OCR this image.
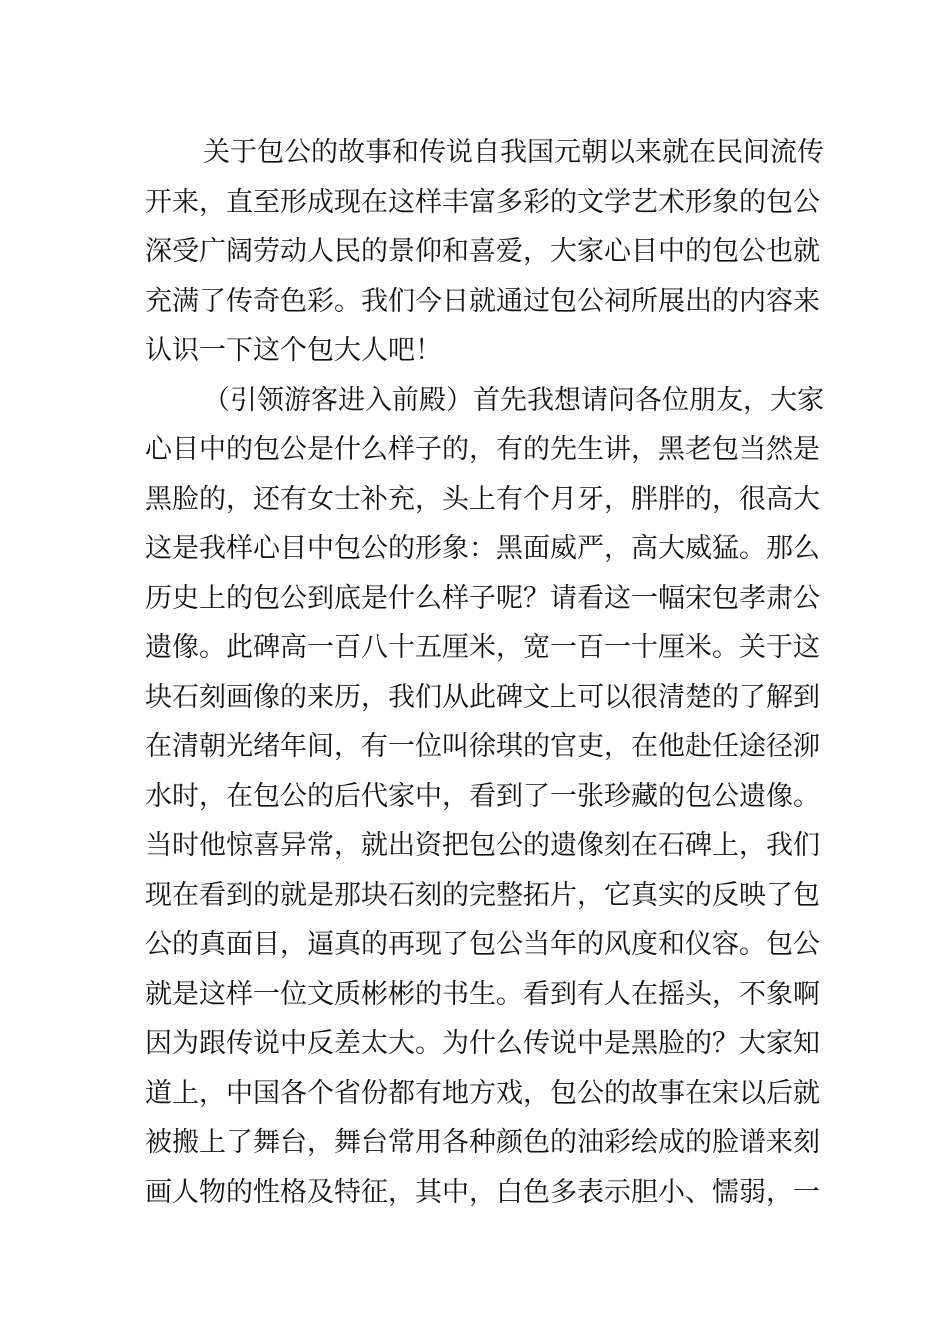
关于包公的故事和传说自我国元朝以来就在民间流传
开来，直至形成现在这样丰富多彩的文学艺术形象的包公
深受广阔劳动人民的景仰和喜爱，大家心目中的包公也就
充满了传奇色彩。我们今日就通过包公祠所展出的内容来
认识一下这个包大人吧！
（引领游客进入前殿）首先我想请问各位朋友，大家
心目中的包公是什么样子的，有的先生讲，黑老包当然是
黑脸的，还有女士补充，头上有个月牙，胖胖的，很高大
这是我样心目中包公的形象：黑面威严，高大威猛。那么
历史上的包公到底是什么样子呢？请看这一幅宋包孝肃公
遗像。此碑高一百八十五厘米，宽一百一十厘米。关于这
块石刻画像的来历，我们从此碑文上可以很清楚的了解到
在清朝光绪年间，有一位叫徐琪的官吏，在他赴任途径泖
水时，在包公的后代家中，看到了一张珍藏的包公遗像。
当时他惊喜异常，就出资把包公的遗像刻在石碑上，我们
现在看到的就是那块石刻的完整拓片，它真实的反映了包
公的真面目，逼真的再现了包公当年的风度和仪容。包公
就是这样一位文质彬彬的书生。看到有人在摇头，不象啊
因为跟传说中反差太大。为什么传说中是黑脸的？大家知
道上，中国各个省份都有地方戏，包公的故事在宋以后就
被搬上了舞台，舞台常用各种颜色的油彩绘成的脸谱来刻
画人物的性格及特征，其中，白色多表示胆小、懦弱，一
